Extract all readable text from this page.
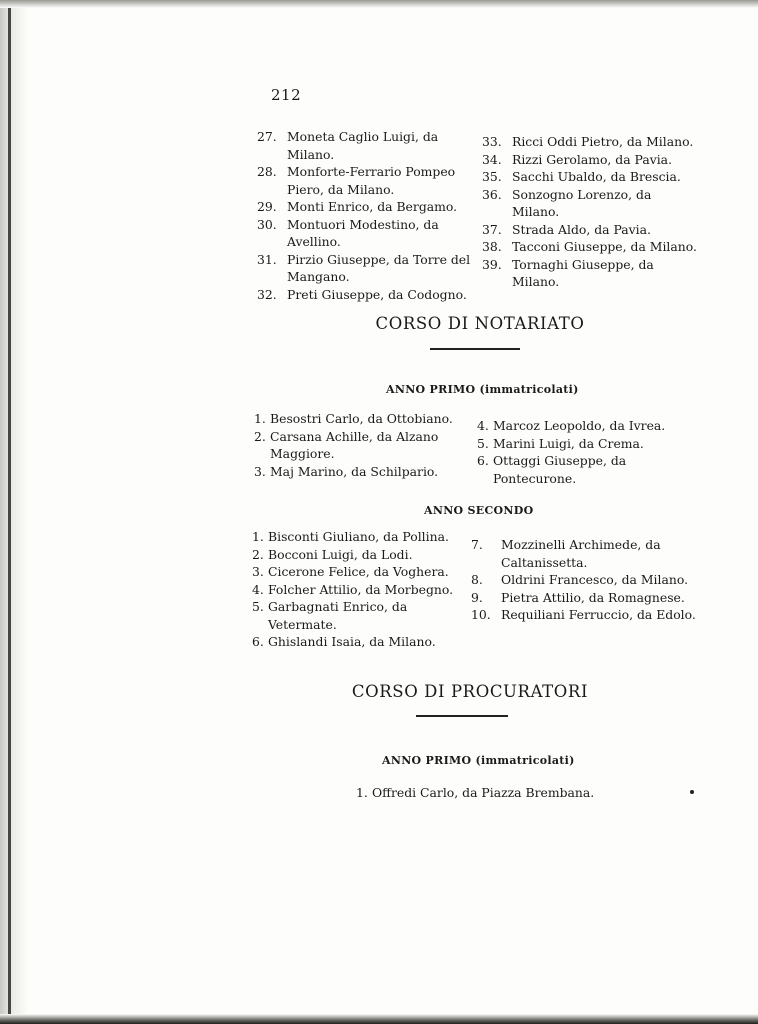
212
27. Moneta Caglio Luigi, da Milano.
28. Monforte-Ferrario Pompeo Piero, da Milano.
29. Monti Enrico, da Bergamo.
30. Montuori Modestino, da Avellino.
31. Pirzio Giuseppe, da Torre del Mangano.
32. Preti Giuseppe, da Codogno.
33. Ricci Oddi Pietro, da Milano.
34. Rizzi Gerolamo, da Pavia.
35. Sacchi Ubaldo, da Brescia.
36. Sonzogno Lorenzo, da Milano.
37. Strada Aldo, da Pavia.
38. Tacconi Giuseppe, da Milano.
39. Tornaghi Giuseppe, da Milano.
CORSO DI NOTARIATO
ANNO PRIMO (immatricolati)
1. Besostri Carlo, da Ottobiano.
2. Carsana Achille, da Alzano Maggiore.
3. Maj Marino, da Schilpario.
4. Marcoz Leopoldo, da Ivrea.
5. Marini Luigi, da Crema.
6. Ottaggi Giuseppe, da Pontecurone.
ANNO SECONDO
1. Bisconti Giuliano, da Pollina.
2. Bocconi Luigi, da Lodi.
3. Cicerone Felice, da Voghera.
4. Folcher Attilio, da Morbegno.
5. Garbagnati Enrico, da Vetermate.
6. Ghislandi Isaia, da Milano.
7. Mozzinelli Archimede, da Caltanissetta.
8. Oldrini Francesco, da Milano.
9. Pietra Attilio, da Romagnese.
10. Requiliani Ferruccio, da Edolo.
CORSO DI PROCURATORI
ANNO PRIMO (immatricolati)
1. Offredi Carlo, da Piazza Brembana.
